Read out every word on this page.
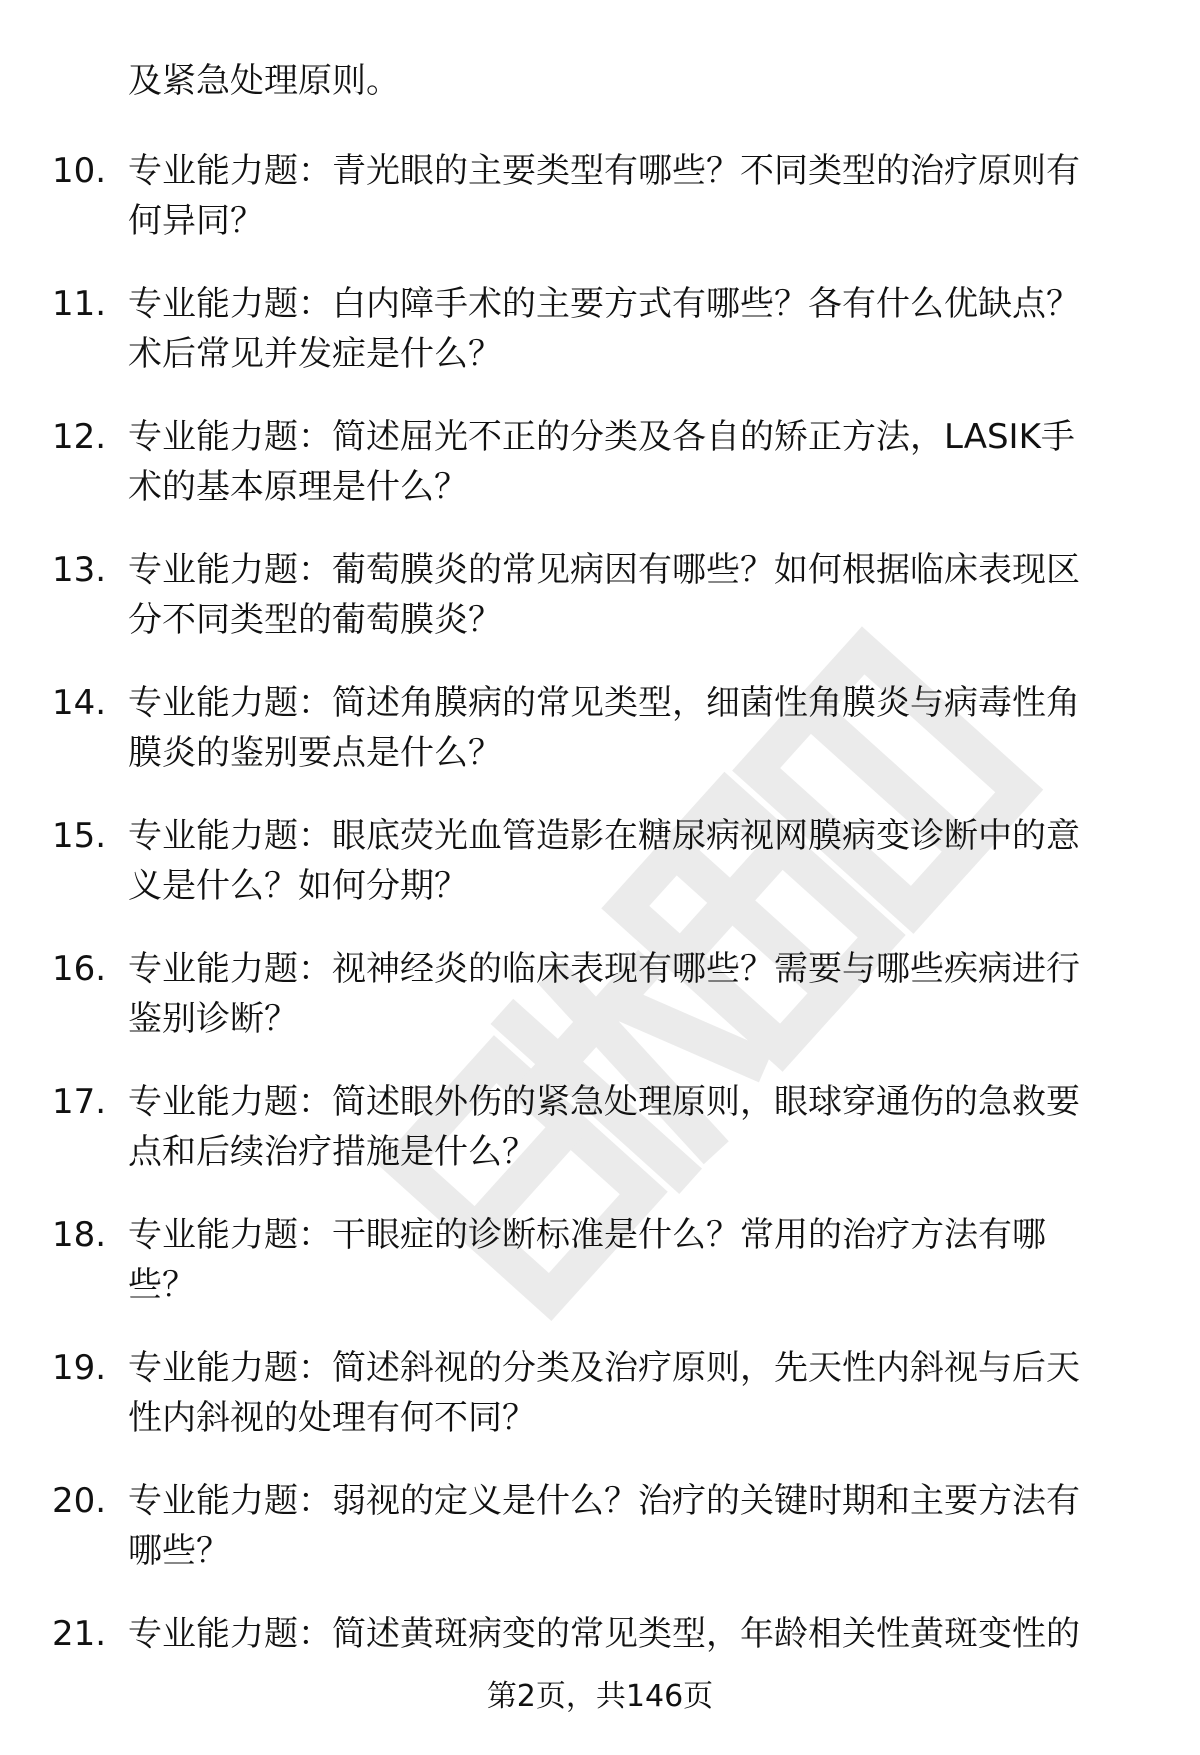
及紧急处理原则。
10. 专业能力题：青光眼的主要类型有哪些？不同类型的治疗原则有
何异同？
11. 专业能力题：白内障手术的主要方式有哪些？各有什么优缺点？
术后常见并发症是什么？
12. 专业能力题：简述屈光不正的分类及各自的矫正方法，LASIK手
术的基本原理是什么？
13. 专业能力题：葡萄膜炎的常见病因有哪些？如何根据临床表现区
分不同类型的葡萄膜炎？
14. 专业能力题：简述角膜病的常见类型，细菌性角膜炎与病毒性角
膜炎的鉴别要点是什么？
15. 专业能力题：眼底荧光血管造影在糖尿病视网膜病变诊断中的意
义是什么？如何分期？
16. 专业能力题：视神经炎的临床表现有哪些？需要与哪些疾病进行
鉴别诊断？
17. 专业能力题：简述眼外伤的紧急处理原则，眼球穿通伤的急救要
点和后续治疗措施是什么？
18. 专业能力题：干眼症的诊断标准是什么？常用的治疗方法有哪
些？
19. 专业能力题：简述斜视的分类及治疗原则，先天性内斜视与后天
性内斜视的处理有何不同？
20. 专业能力题：弱视的定义是什么？治疗的关键时期和主要方法有
哪些？
21. 专业能力题：简述黄斑病变的常见类型，年龄相关性黄斑变性的
第2页，共146页
